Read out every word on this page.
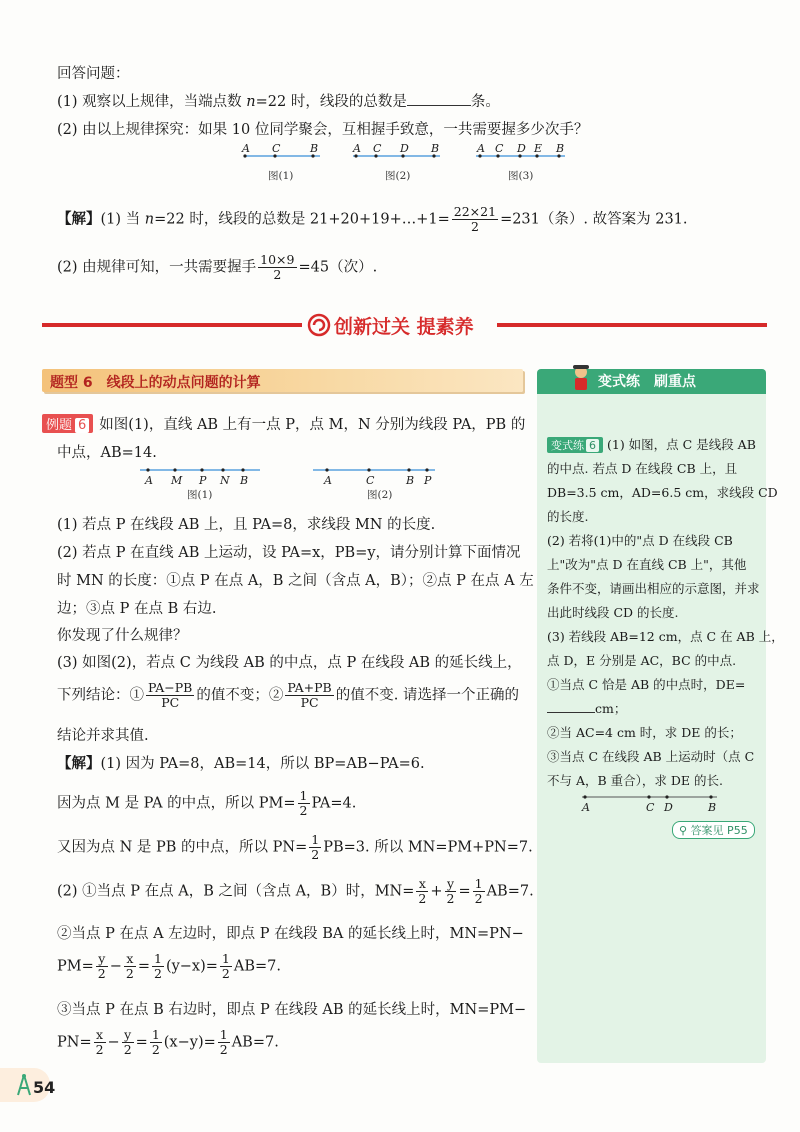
回答问题：
(1) 观察以上规律，当端点数 n=22 时，线段的总数是	条。
(2) 由以上规律探究：如果 10 位同学聚会，互相握手致意，一共需要握多少次手？
A C	B
图(1)
A C D B
图(2)
A C D E B
图(3)
【解】(1) 当 n=22 时，线段的总数是 21+20+19+…+1= $\frac{22\times 21}{2} =231$（条）. 故答案为 231.
(2) 由规律可知，一共需要握手 $\frac{10\times 9}{2} =45$（次）.
创新过关 提素养
题型 6　线段上的动点问题的计算
例题 6 如图(1)，直线 AB 上有一点 P，点 M，N 分别为线段 PA，PB 的
中点，AB=14.
A M P N B
图(1)
A	C	B P
图(2)
(1) 若点 P 在线段 AB 上，且 PA=8，求线段 MN 的长度.
(2) 若点 P 在直线 AB 上运动，设 PA=x，PB=y，请分别计算下面情况
时 MN 的长度：①点 P 在点 A，B 之间（含点 A，B）；②点 P 在点 A 左
边；③点 P 在点 B 右边.
你发现了什么规律？
(3) 如图(2)，若点 C 为线段 AB 的中点，点 P 在线段 AB 的延长线上，
下列结论：① $\frac{PA-PB}{PC}$ 的值不变；② $\frac{PA+PB}{PC}$ 的值不变. 请选择一个正确的
结论并求其值.
【解】(1) 因为 PA=8，AB=14，所以 BP=AB−PA=6.
因为点 M 是 PA 的中点，所以 $PM= \frac{1}{2} PA=4$.
又因为点 N 是 PB 的中点，所以 $PN= \frac{1}{2} PB=3$. 所以 MN=PM+PN=7.
(2) ①当点 P 在点 A，B 之间（含点 A，B）时，$MN= \frac{x}{2} + \frac{y}{2} = \frac{1}{2} AB=7$.
②当点 P 在点 A 左边时，即点 P 在线段 BA 的延长线上时，MN=PN−
$PM= \frac{y}{2} - \frac{x}{2} = \frac{1}{2} (y-x)= \frac{1}{2} AB=7$.
③当点 P 在点 B 右边时，即点 P 在线段 AB 的延长线上时，MN=PM−
$PN= \frac{x}{2} - \frac{y}{2} = \frac{1}{2} (x-y)= \frac{1}{2} AB=7$.
变式练 6 (1) 如图，点 C 是线段 AB
的中点. 若点 D 在线段 CB 上，且
DB=3.5 cm，AD=6.5 cm，求线段 CD
的长度.
(2) 若将(1)中的"点 D 在线段 CB
上"改为"点 D 在直线 CB 上"，其他
条件不变，请画出相应的示意图，并求
出此时线段 CD 的长度.
(3) 若线段 AB=12 cm，点 C 在 AB 上，
点 D，E 分别是 AC，BC 的中点.
①当点 C 恰是 AB 的中点时，DE=
cm；
②当 AC=4 cm 时，求 DE 的长；
③当点 C 在线段 AB 上运动时（点 C
不与 A，B 重合），求 DE 的长.
A	C D	B
⚲ 答案见 P55
变式练　刷重点
54
